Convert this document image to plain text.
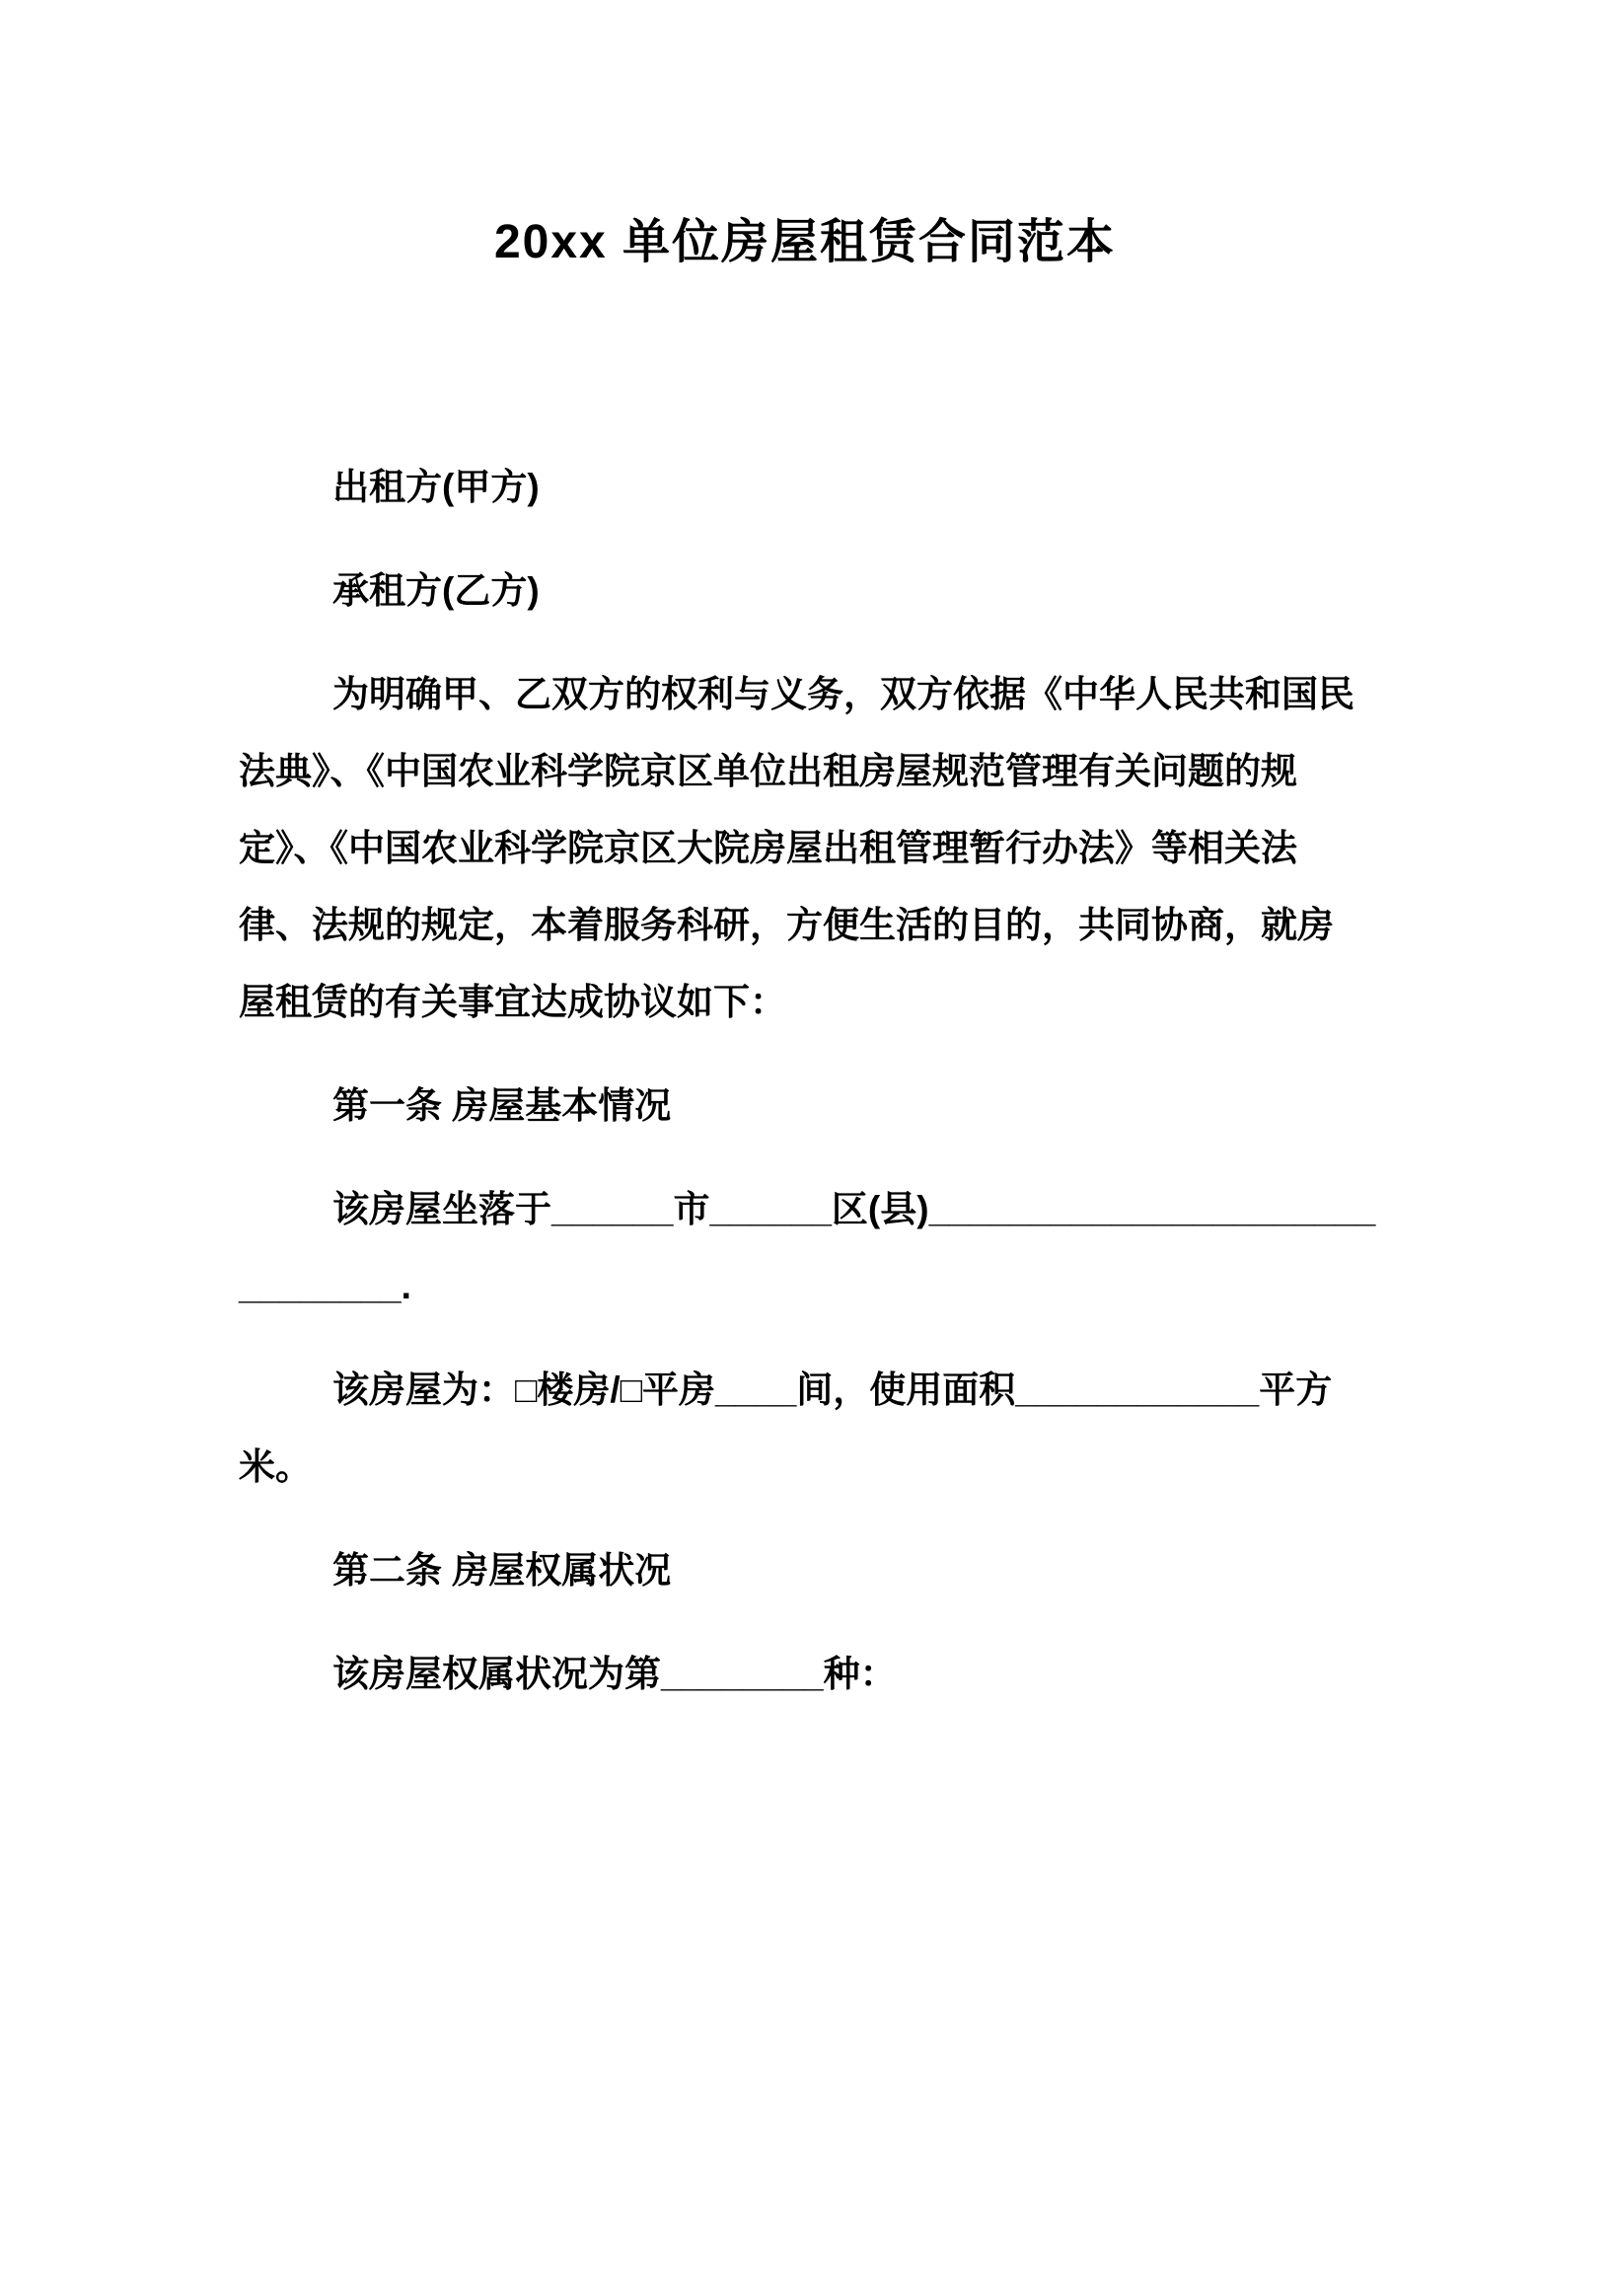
20xx 单位房屋租赁合同范本
出租方(甲方)
承租方(乙方)
为明确甲、乙双方的权利与义务，双方依据《中华人民共和国民
法典》、《中国农业科学院京区单位出租房屋规范管理有关问题的规
定》、《中国农业科学院京区大院房屋出租管理暂行办法》等相关法
律、法规的规定，本着服务科研，方便生活的目的，共同协商，就房
屋租赁的有关事宜达成协议如下：
第一条 房屋基本情况
该房屋坐落于______市______区(县)______________________
________.
该房屋为：□楼房/□平房____间，使用面积____________平方
米。
第二条 房屋权属状况
该房屋权属状况为第________种：
